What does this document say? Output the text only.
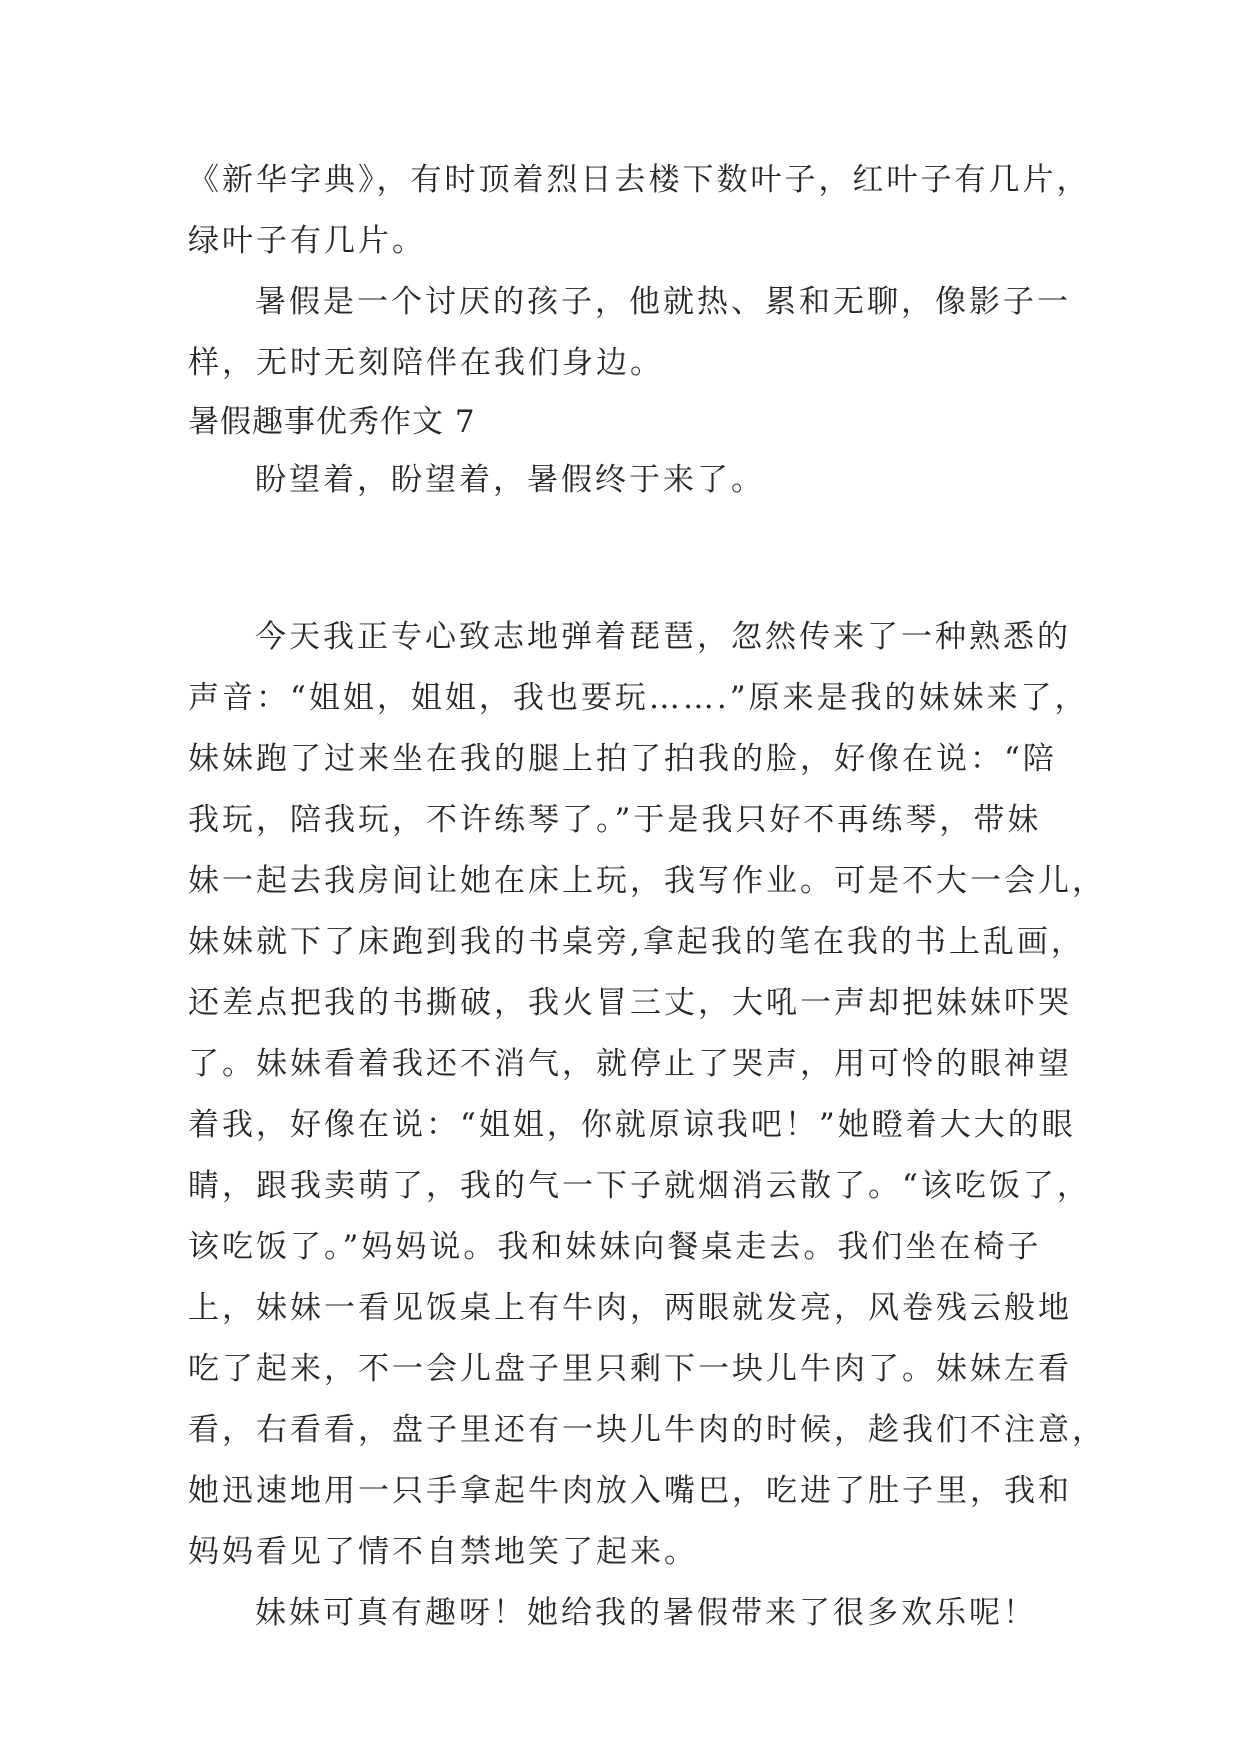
《新华字典》，有时顶着烈日去楼下数叶子，红叶子有几片，
绿叶子有几片。
暑假是一个讨厌的孩子，他就热、累和无聊，像影子一
样，无时无刻陪伴在我们身边。
暑假趣事优秀作文 7
盼望着，盼望着，暑假终于来了。
今天我正专心致志地弹着琵琶，忽然传来了一种熟悉的
声音：“姐姐，姐姐，我也要玩…….”原来是我的妹妹来了，
妹妹跑了过来坐在我的腿上拍了拍我的脸，好像在说：“陪
我玩，陪我玩，不许练琴了。”于是我只好不再练琴，带妹
妹一起去我房间让她在床上玩，我写作业。可是不大一会儿，
妹妹就下了床跑到我的书桌旁,拿起我的笔在我的书上乱画，
还差点把我的书撕破，我火冒三丈，大吼一声却把妹妹吓哭
了。妹妹看着我还不消气，就停止了哭声，用可怜的眼神望
着我，好像在说：“姐姐，你就原谅我吧！”她瞪着大大的眼
睛，跟我卖萌了，我的气一下子就烟消云散了。“该吃饭了，
该吃饭了。”妈妈说。我和妹妹向餐桌走去。我们坐在椅子
上，妹妹一看见饭桌上有牛肉，两眼就发亮，风卷残云般地
吃了起来，不一会儿盘子里只剩下一块儿牛肉了。妹妹左看
看，右看看，盘子里还有一块儿牛肉的时候，趁我们不注意，
她迅速地用一只手拿起牛肉放入嘴巴，吃进了肚子里，我和
妈妈看见了情不自禁地笑了起来。
妹妹可真有趣呀！她给我的暑假带来了很多欢乐呢！
